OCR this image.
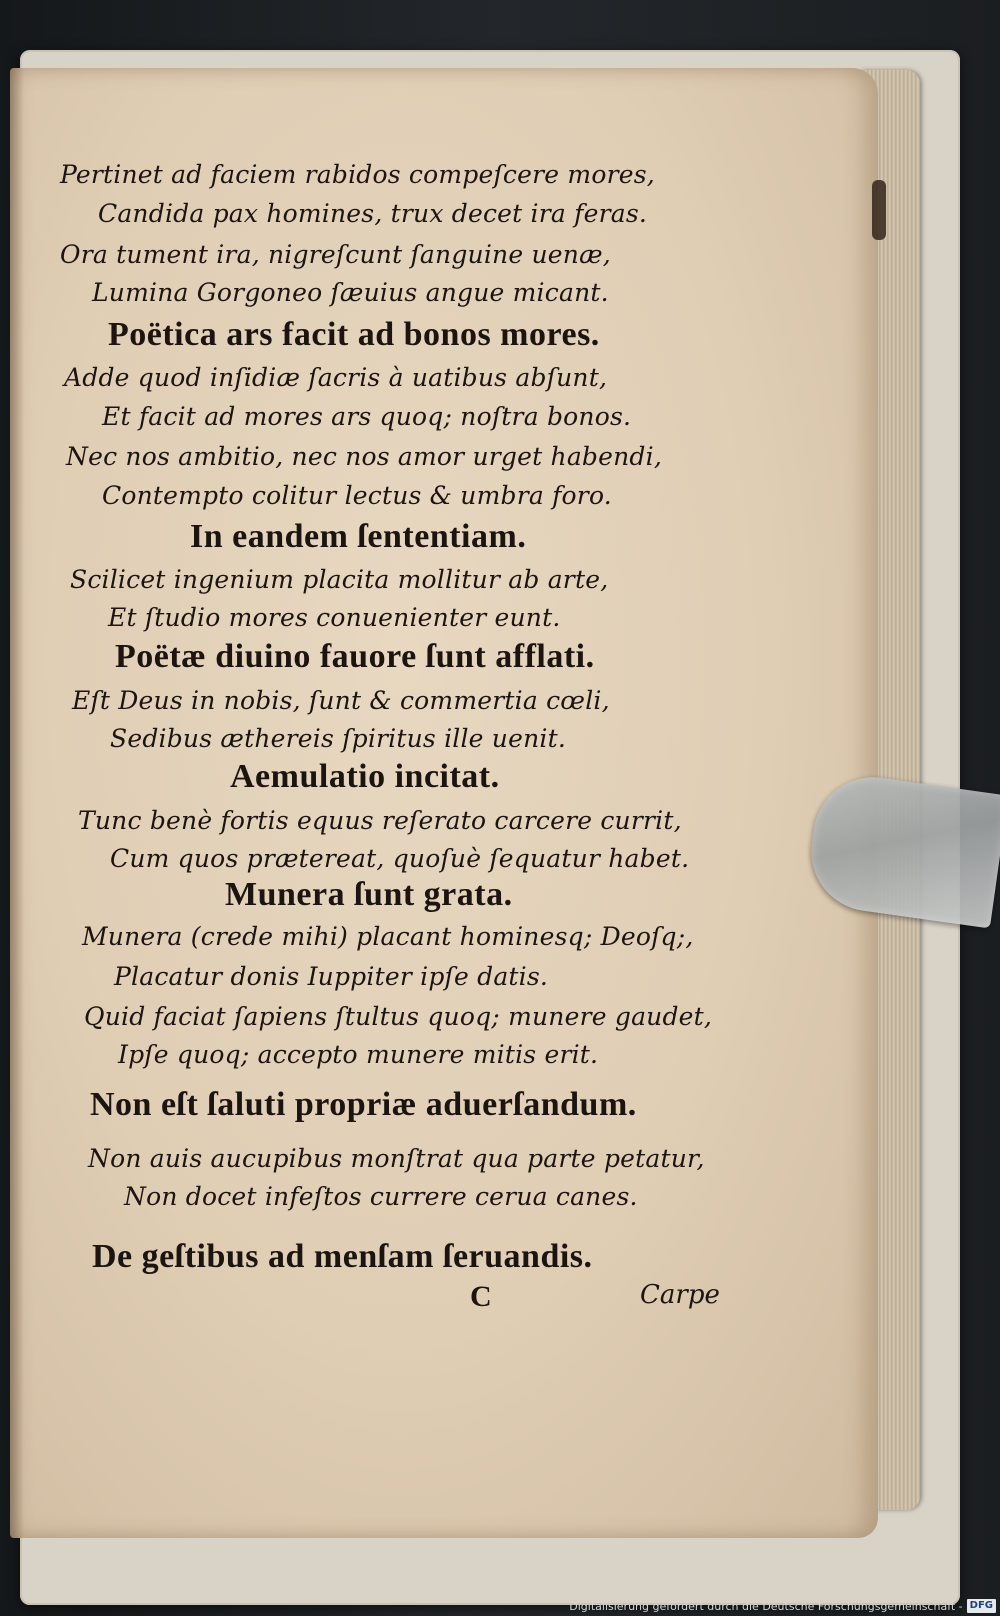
Pertinet ad faciem rabidos compeſcere mores,
Candida pax homines, trux decet ira feras.
Ora tument ira, nigreſcunt ſanguine uenæ,
Lumina Gorgoneo ſæuius angue micant.
Poëtica ars facit ad bonos mores.
Adde quod inſidiæ ſacris à uatibus abſunt,
Et facit ad mores ars quoq; noſtra bonos.
Nec nos ambitio, nec nos amor urget habendi,
Contempto colitur lectus & umbra foro.
In eandem ſententiam.
Scilicet ingenium placita mollitur ab arte,
Et ſtudio mores conuenienter eunt.
Poëtæ diuino fauore ſunt afflati.
Eſt Deus in nobis, ſunt & commertia cœli,
Sedibus æthereis ſpiritus ille uenit.
Aemulatio incitat.
Tunc benè fortis equus reſerato carcere currit,
Cum quos prætereat, quoſuè ſequatur habet.
Munera ſunt grata.
Munera (crede mihi) placant hominesq; Deoſq;,
Placatur donis Iuppiter ipſe datis.
Quid faciat ſapiens ſtultus quoq; munere gaudet,
Ipſe quoq; accepto munere mitis erit.
Non eſt ſaluti propriæ aduerſandum.
Non auis aucupibus monſtrat qua parte petatur,
Non docet infeſtos currere cerua canes.
De geſtibus ad menſam ſeruandis.
C	Carpe
Digitalisierung gefördert durch die Deutsche Forschungsgemeinschaft - DFG
